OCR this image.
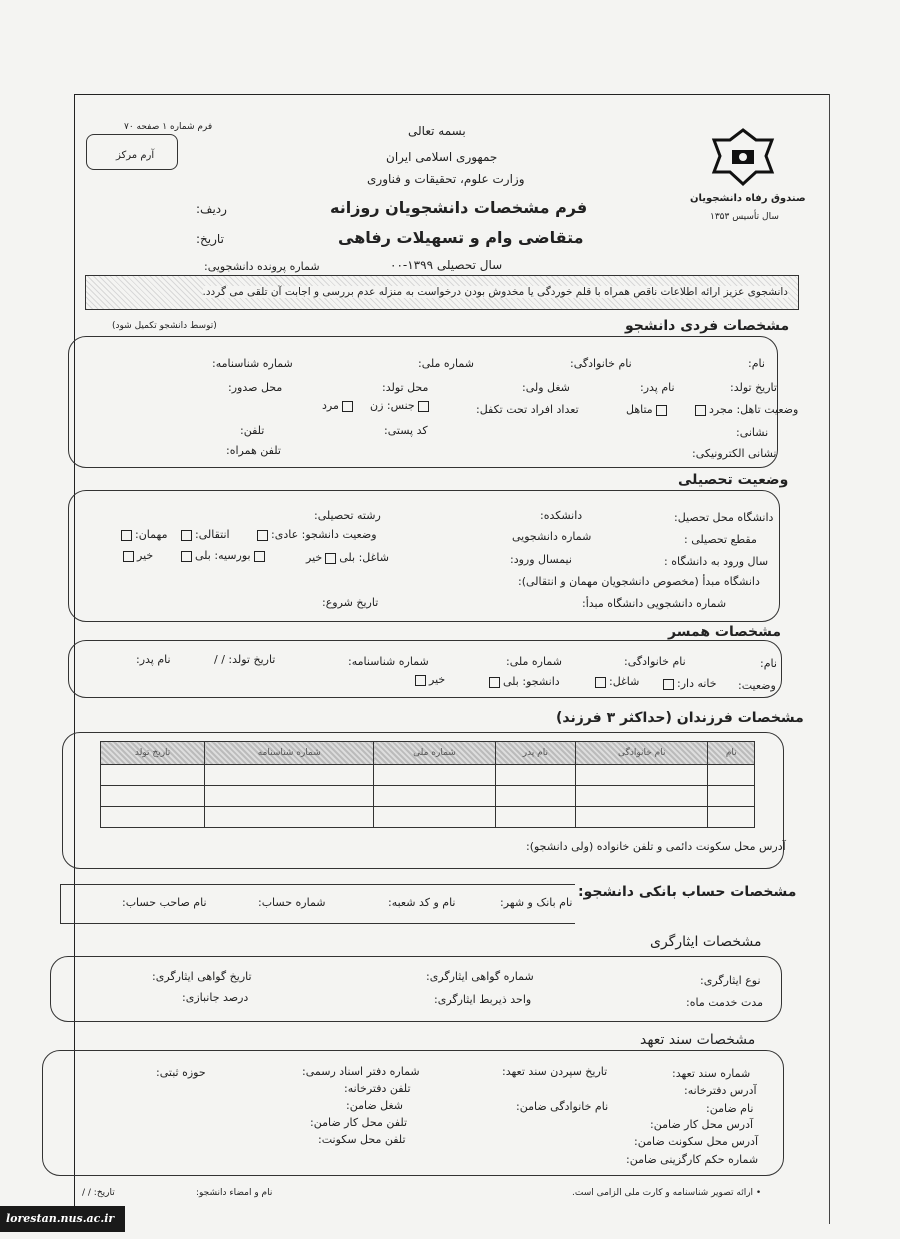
فرم شماره ۱ صفحه ۷۰
آرم مرکز
بسمه تعالی
جمهوری اسلامی ایران
وزارت علوم، تحقیقات و فناوری
فرم مشخصات دانشجویان روزانه
متقاضی وام و تسهیلات رفاهی
سال تحصیلی ۱۳۹۹-۰۰
ردیف:
تاریخ:
شماره پرونده دانشجویی:
صندوق رفاه دانشجویان
سال تأسیس ۱۳۵۳
دانشجوی عزیز ارائه اطلاعات ناقص همراه با قلم خوردگی یا مخدوش بودن درخواست به منزله عدم بررسی و اجابت آن تلقی می گردد.
مشخصات فردی دانشجو
(توسط دانشجو تکمیل شود)
نام:
نام خانوادگی:
شماره ملی:
شماره شناسنامه:
تاریخ تولد:
نام پدر:
شغل ولی:
محل تولد:
محل صدور:
وضعیت تاهل: مجرد
متاهل
تعداد افراد تحت تکفل:
جنس: زن
مرد
نشانی:
کد پستی:
تلفن:
نشانی الکترونیکی:
تلفن همراه:
وضعیت تحصیلی
دانشگاه محل تحصیل:
دانشکده:
رشته تحصیلی:
مقطع تحصیلی :
شماره دانشجویی
وضعیت دانشجو: عادی:
انتقالی:
مهمان:
سال ورود به دانشگاه :
نیمسال ورود:
شاغل: بلیخیر
بورسیه: بلی
خیر
دانشگاه مبدأ (مخصوص دانشجویان مهمان و انتقالی):
شماره دانشجویی دانشگاه مبدأ:
تاریخ شروع:
مشخصات همسر
نام:
نام خانوادگی:
شماره ملی:
شماره شناسنامه:
تاریخ تولد: / /
نام پدر:
وضعیت:
خانه دار:
شاغل:
دانشجو: بلی
خیر
مشخصات فرزندان (حداکثر ۳ فرزند)
نام	نام خانوادگی	نام پدر	شماره ملی	شماره شناسنامه	تاریخ تولد

آدرس محل سکونت دائمی و تلفن خانواده (ولی دانشجو):
مشخصات حساب بانکی دانشجو:
نام بانک و شهر:
نام و کد شعبه:
شماره حساب:
نام صاحب حساب:
مشخصات ایثارگری
نوع ایثارگری:
شماره گواهی ایثارگری:
تاریخ گواهی ایثارگری:
مدت خدمت ماه:
واحد ذیربط ایثارگری:
درصد جانبازی:
مشخصات سند تعهد
شماره سند تعهد:
تاریخ سپردن سند تعهد:
شماره دفتر اسناد رسمی:
حوزه ثبتی:
آدرس دفترخانه:
تلفن دفترخانه:
نام ضامن:
نام خانوادگی ضامن:
شغل ضامن:
آدرس محل کار ضامن:
تلفن محل کار ضامن:
آدرس محل سکونت ضامن:
تلفن محل سکونت:
شماره حکم کارگزینی ضامن:
• ارائه تصویر شناسنامه و کارت ملی الزامی است.
نام و امضاء دانشجو:
تاریخ: / /
lorestan.nus.ac.ir
